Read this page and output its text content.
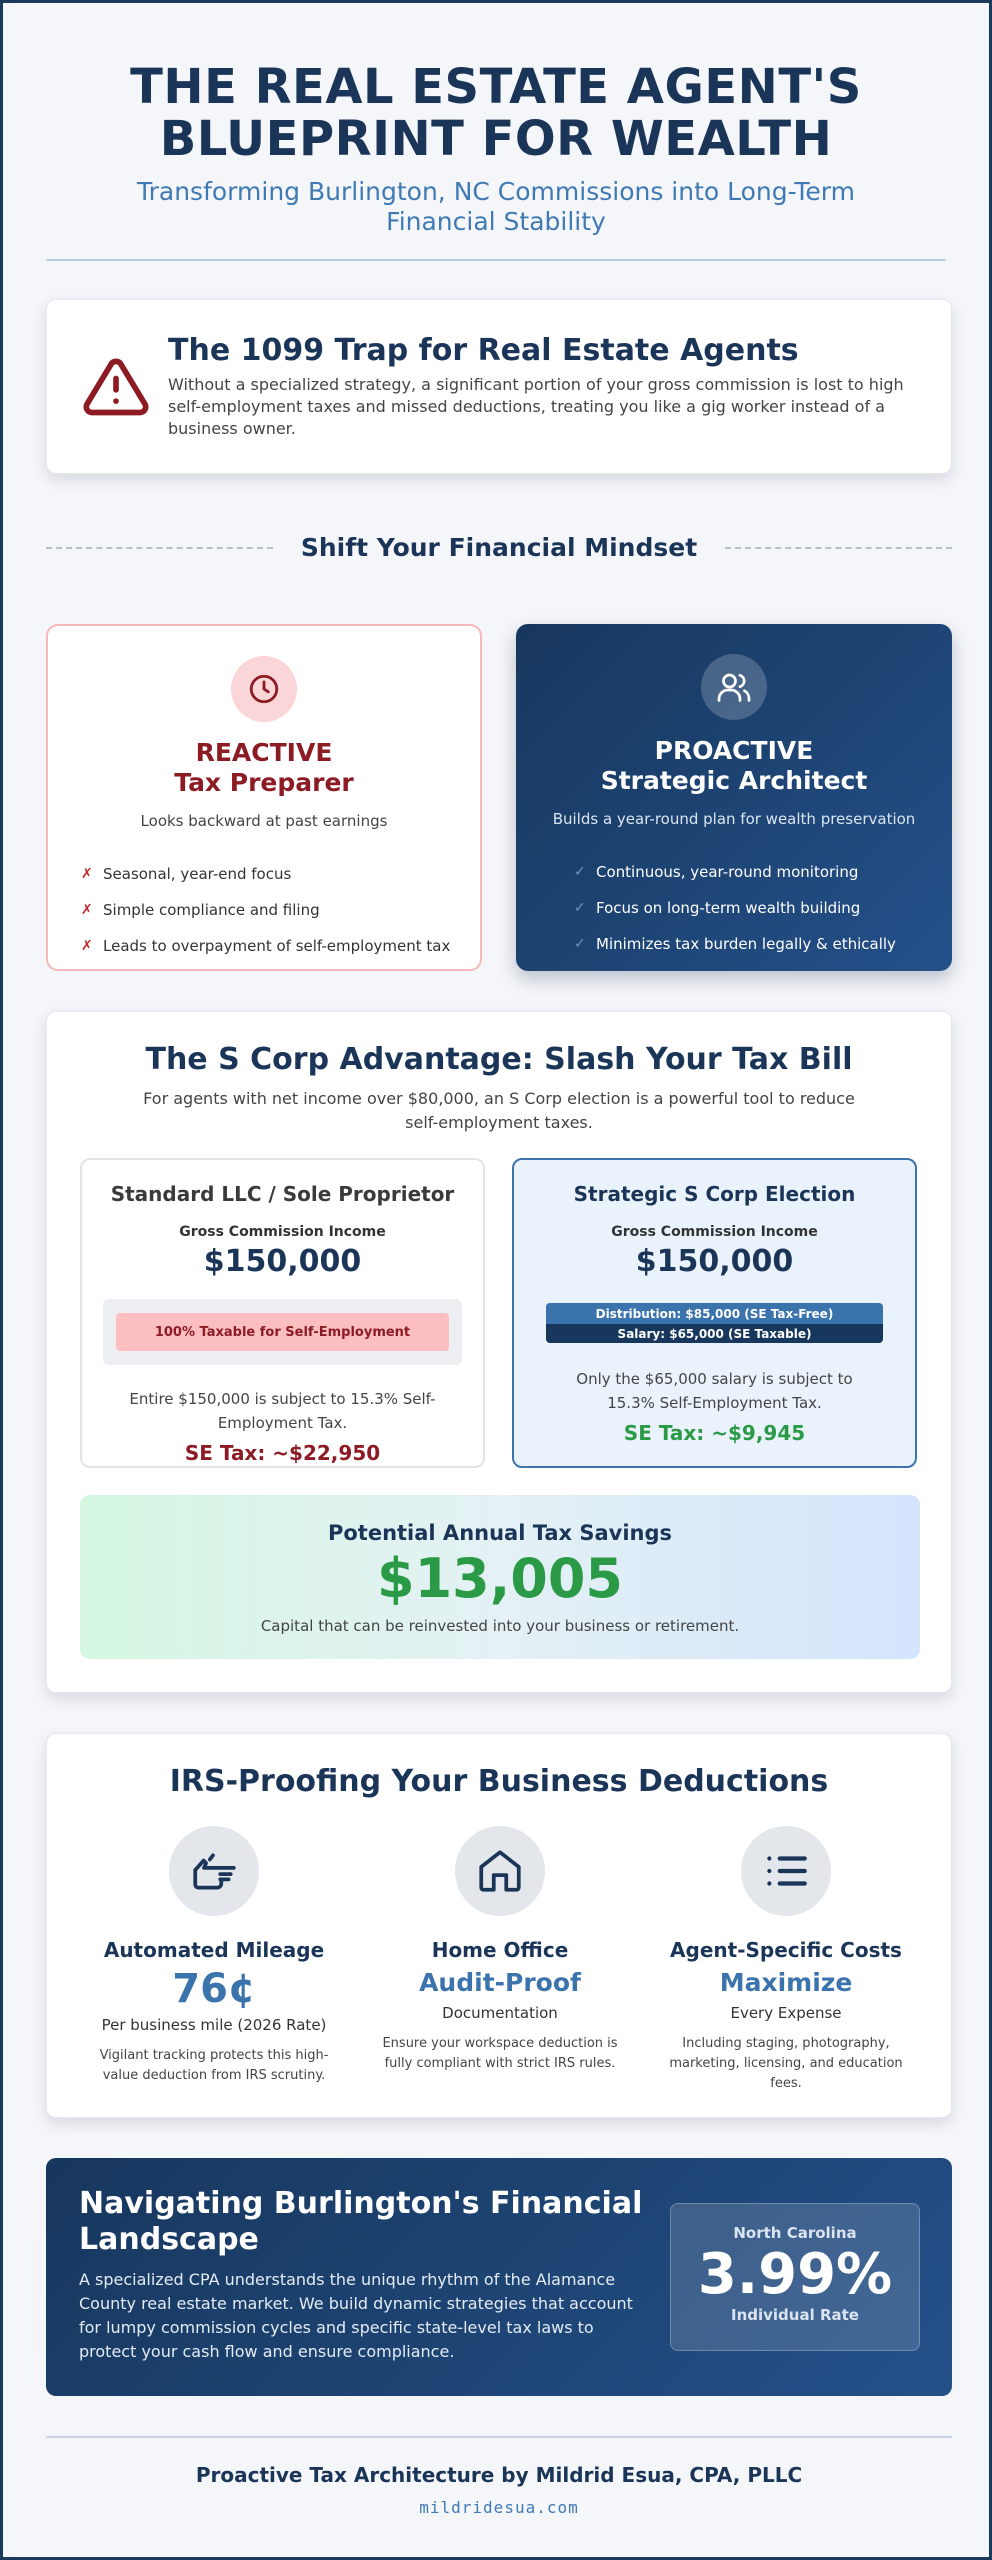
THE REAL ESTATE AGENT'S
BLUEPRINT FOR WEALTH
Transforming Burlington, NC Commissions into Long-Term
Financial Stability
The 1099 Trap for Real Estate Agents
Without a specialized strategy, a significant portion of your gross commission is lost to high self-employment taxes and missed deductions, treating you like a gig worker instead of a business owner.
Shift Your Financial Mindset
REACTIVE
Tax Preparer
Looks backward at past earnings
✗ Seasonal, year-end focus
✗ Simple compliance and filing
✗ Leads to overpayment of self-employment tax
PROACTIVE
Strategic Architect
Builds a year-round plan for wealth preservation
✓ Continuous, year-round monitoring
✓ Focus on long-term wealth building
✓ Minimizes tax burden legally & ethically
The S Corp Advantage: Slash Your Tax Bill
For agents with net income over $80,000, an S Corp election is a powerful tool to reduce self-employment taxes.
Standard LLC / Sole Proprietor
Gross Commission Income
$150,000
100% Taxable for Self-Employment
Entire $150,000 is subject to 15.3% Self-Employment Tax.
SE Tax: ~$22,950
Strategic S Corp Election
Gross Commission Income
$150,000
Distribution: $85,000 (SE Tax-Free)
Salary: $65,000 (SE Taxable)
Only the $65,000 salary is subject to 15.3% Self-Employment Tax.
SE Tax: ~$9,945
Potential Annual Tax Savings
$13,005
Capital that can be reinvested into your business or retirement.
IRS-Proofing Your Business Deductions
Automated Mileage
76¢
Per business mile (2026 Rate)
Vigilant tracking protects this high-value deduction from IRS scrutiny.
Home Office
Audit-Proof
Documentation
Ensure your workspace deduction is fully compliant with strict IRS rules.
Agent-Specific Costs
Maximize
Every Expense
Including staging, photography, marketing, licensing, and education fees.
Navigating Burlington's Financial Landscape
A specialized CPA understands the unique rhythm of the Alamance County real estate market. We build dynamic strategies that account for lumpy commission cycles and specific state-level tax laws to protect your cash flow and ensure compliance.
North Carolina
3.99%
Individual Rate
Proactive Tax Architecture by Mildrid Esua, CPA, PLLC
mildridesua.com
